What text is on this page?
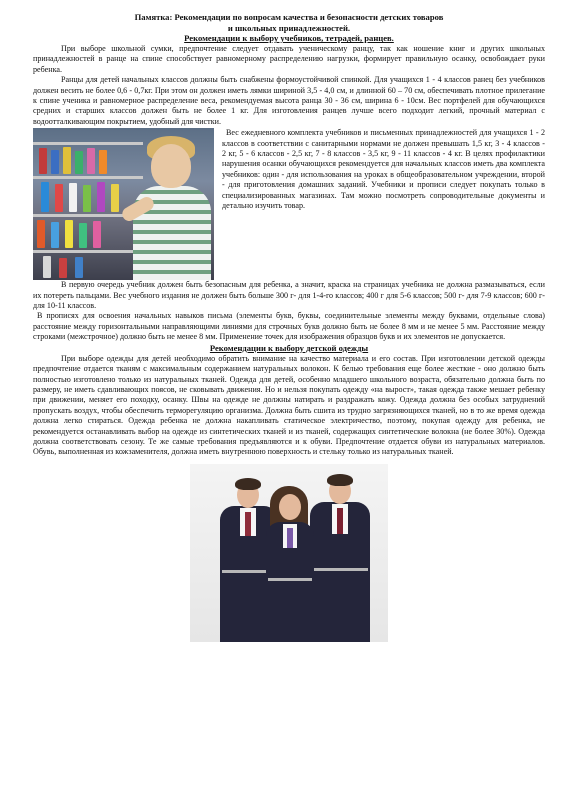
Памятка: Рекомендации по вопросам качества и безопасности детских товаров
и школьных принадлежностей.
Рекомендации к выбору учебников, тетрадей, ранцев.

При выборе школьной сумки, предпочтение следует отдавать ученическому ранцу, так как ношение книг и других школьных принадлежностей в ранце на спине способствует равномерному распределению нагрузки, формирует правильную осанку, освобождает руки ребенка.

Ранцы для детей начальных классов должны быть снабжены формоустойчивой спинкой. Для учащихся 1 - 4 классов ранец без учебников должен весить не более 0,6 - 0,7кг. При этом он должен иметь лямки шириной 3,5 - 4,0 см, и длинной 60 – 70 см, обеспечивать плотное прилегание к спине ученика и равномерное распределение веса, рекомендуемая высота ранца 30 - 36 см, ширина 6 - 10см. Вес портфелей для обучающихся средних и старших классов должен быть не более 1 кг. Для изготовления ранцев лучше всего подходит легкий, прочный материал с водоотталкивающим покрытием, удобный для чистки.

Вес ежедневного комплекта учебников и письменных принадлежностей для учащихся 1 - 2 классов в соответствии с санитарными нормами не должен превышать 1,5 кг, 3 - 4 классов - 2 кг, 5 - 6 классов - 2,5 кг, 7 - 8 классов - 3,5 кг, 9 - 11 классов - 4 кг. В целях профилактики нарушения осанки обучающихся рекомендуется для начальных классов иметь два комплекта учебников: один - для использования на уроках в общеобразовательном учреждении, второй - для приготовления домашних заданий. Учебники и прописи следует покупать только в специализированных магазинах. Там можно посмотреть сопроводительные документы и детально изучить товар.

В первую очередь учебник должен быть безопасным для ребенка, а значит, краска на страницах учебника не должна размазываться, если их потереть пальцами. Вес учебного издания не должен быть больше 300 г- для 1-4-го классов; 400 г для 5-6 классов; 500 г- для 7-9 классов; 600 г- для 10-11 классов.

В прописях для освоения начальных навыков письма (элементы букв, буквы, соединительные элементы между буквами, отдельные слова) расстояние между горизонтальными направляющими линиями для строчных букв должно быть не более 8 мм и не менее 5 мм. Расстояние между строками (межстрочное) должно быть не менее 8 мм. Применение точек для изображения образцов букв и их элементов не допускается.

Рекомендации к выбору детской одежды

При выборе одежды для детей необходимо обратить внимание на качество материала и его состав. При изготовлении детской одежды предпочтение отдается тканям с максимальным содержанием натуральных волокон. К белью требования еще более жесткие - оно должно быть полностью изготовлено только из натуральных тканей. Одежда для детей, особенно младшего школьного возраста, обязательно должна быть по размеру, не иметь сдавливающих поясов, не сковывать движения. Но и нельзя покупать одежду «на вырост», такая одежда также мешает ребенку при движении, меняет его походку, осанку. Швы на одежде не должны натирать и раздражать кожу. Одежда должна без особых затруднений пропускать воздух, чтобы обеспечить терморегуляцию организма. Должна быть сшита из трудно загрязняющихся тканей, но в то же время одежда должна легко стираться. Одежда ребенка не должна накапливать статическое электричество, поэтому, покупая одежду для ребенка, не рекомендуется останавливать выбор на одежде из синтетических тканей и из тканей, содержащих синтетические волокна (не более 30%). Одежда должна соответствовать сезону. Те же самые требования предъявляются и к обуви. Предпочтение отдается обуви из натуральных материалов. Обувь, выполненная из кожзаменителя, должна иметь внутреннюю поверхность и стельку только из натуральных тканей.
